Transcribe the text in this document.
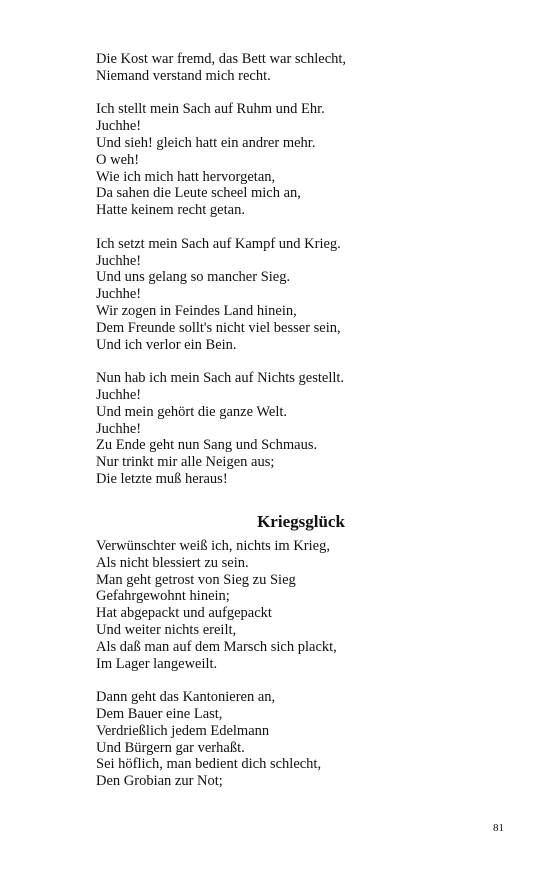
Die Kost war fremd, das Bett war schlecht,
Niemand verstand mich recht.
Ich stellt mein Sach auf Ruhm und Ehr.
Juchhe!
Und sieh! gleich hatt ein andrer mehr.
O weh!
Wie ich mich hatt hervorgetan,
Da sahen die Leute scheel mich an,
Hatte keinem recht getan.
Ich setzt mein Sach auf Kampf und Krieg.
Juchhe!
Und uns gelang so mancher Sieg.
Juchhe!
Wir zogen in Feindes Land hinein,
Dem Freunde sollt's nicht viel besser sein,
Und ich verlor ein Bein.
Nun hab ich mein Sach auf Nichts gestellt.
Juchhe!
Und mein gehört die ganze Welt.
Juchhe!
Zu Ende geht nun Sang und Schmaus.
Nur trinkt mir alle Neigen aus;
Die letzte muß heraus!
Kriegsglück
Verwünschter weiß ich, nichts im Krieg,
Als nicht blessiert zu sein.
Man geht getrost von Sieg zu Sieg
Gefahrgewohnt hinein;
Hat abgepackt und aufgepackt
Und weiter nichts ereilt,
Als daß man auf dem Marsch sich plackt,
Im Lager langeweilt.
Dann geht das Kantonieren an,
Dem Bauer eine Last,
Verdrießlich jedem Edelmann
Und Bürgern gar verhaßt.
Sei höflich, man bedient dich schlecht,
Den Grobian zur Not;
81
